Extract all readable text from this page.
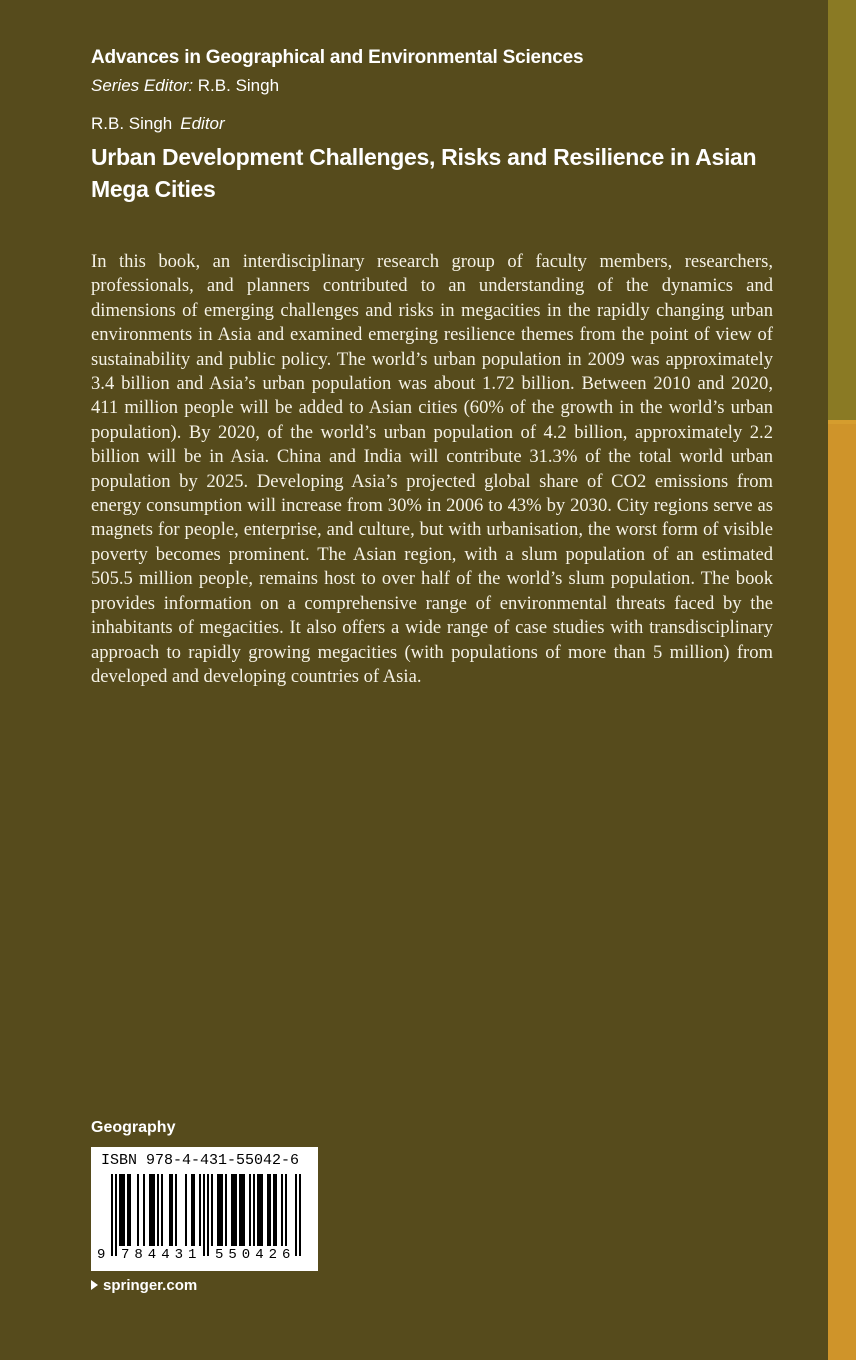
Advances in Geographical and Environmental Sciences
Series Editor: R.B. Singh
R.B. Singh Editor
Urban Development Challenges, Risks and Resilience in Asian Mega Cities
In this book, an interdisciplinary research group of faculty members, researchers, professionals, and planners contributed to an understanding of the dynamics and dimensions of emerging challenges and risks in megacities in the rapidly changing urban environments in Asia and examined emerging resilience themes from the point of view of sustainability and public policy. The world’s urban population in 2009 was approximately 3.4 billion and Asia’s urban population was about 1.72 billion. Between 2010 and 2020, 411 million people will be added to Asian cities (60% of the growth in the world’s urban population). By 2020, of the world’s urban population of 4.2 billion, approximately 2.2 billion will be in Asia. China and India will contribute 31.3% of the total world urban population by 2025. Developing Asia’s projected global share of CO2 emissions from energy consumption will increase from 30% in 2006 to 43% by 2030. City regions serve as magnets for people, enterprise, and culture, but with urbanisation, the worst form of visible poverty becomes prominent. The Asian region, with a slum population of an estimated 505.5 million people, remains host to over half of the world’s slum population. The book provides information on a comprehensive range of environmental threats faced by the inhabitants of megacities. It also offers a wide range of case studies with transdisciplinary approach to rapidly growing megacities (with populations of more than 5 million) from developed and developing countries of Asia.
Geography
ISBN 978-4-431-55042-6
9 784431 550426
springer.com
